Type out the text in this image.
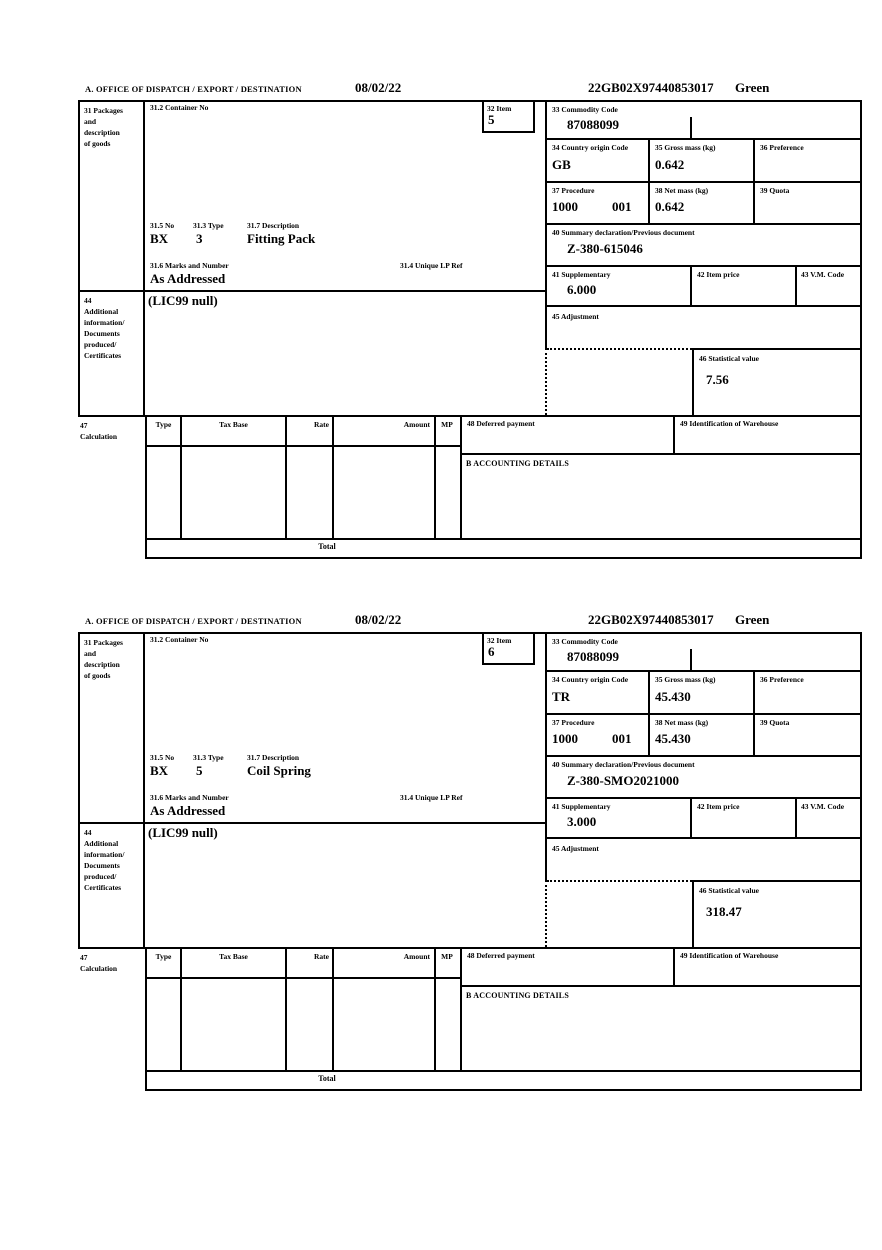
A. OFFICE OF DISPATCH / EXPORT / DESTINATION	08/02/22	22GB02X97440853017 Green
31 Packages
and
description
of goods
31.2 Container No	32 Item
5
31.5 No	31.3 Type	31.7 Description
BX 3	Fitting Pack
31.6 Marks and Number	31.4 Unique LP Ref
As Addressed
44
Additional
information/
Documents
produced/
Certificates
(LIC99 null)
33 Commodity Code
87088099
34 Country origin Code
GB
35 Gross mass (kg)
0.642
36 Preference
37 Procedure
1000	001
38 Net mass (kg)
0.642
39 Quota
40 Summary declaration/Previous document
Z-380-615046
41 Supplementary
6.000
42 Item price	43 V.M. Code
45 Adjustment
46 Statistical value
7.56
47
Calculation
Type	Tax Base	Rate	Amount	MP	48 Deferred payment	49 Identification of Warehouse
B ACCOUNTING DETAILS
Total
A. OFFICE OF DISPATCH / EXPORT / DESTINATION	08/02/22	22GB02X97440853017 Green
31 Packages
and
description
of goods
31.2 Container No	32 Item
6
31.5 No	31.3 Type	31.7 Description
BX 5	Coil Spring
31.6 Marks and Number	31.4 Unique LP Ref
As Addressed
44
Additional
information/
Documents
produced/
Certificates
(LIC99 null)
33 Commodity Code
87088099
34 Country origin Code
TR
35 Gross mass (kg)
45.430
36 Preference
37 Procedure
1000	001
38 Net mass (kg)
45.430
39 Quota
40 Summary declaration/Previous document
Z-380-SMO2021000
41 Supplementary
3.000
42 Item price	43 V.M. Code
45 Adjustment
46 Statistical value
318.47
47
Calculation
Type	Tax Base	Rate	Amount	MP	48 Deferred payment	49 Identification of Warehouse
B ACCOUNTING DETAILS
Total
